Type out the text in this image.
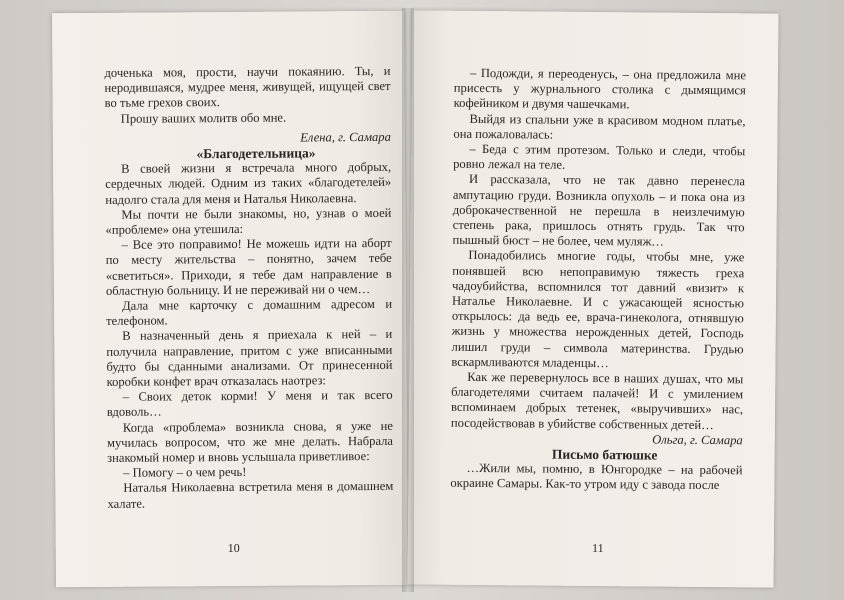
доченька моя, прости, научи покаянию. Ты, и неродившаяся, мудрее меня, живущей, ищущей свет во тьме грехов своих.

Прошу ваших молитв обо мне.

Елена, г. Самара

«Благодетельница»

В своей жизни я встречала много добрых, сердечных людей. Одним из таких «благодетелей» надолго стала для меня и Наталья Николаевна.

Мы почти не были знакомы, но, узнав о моей «проблеме» она утешила:

– Все это поправимо! Не можешь идти на аборт по месту жительства – понятно, зачем тебе «светиться». Приходи, я тебе дам направление в областную больницу. И не переживай ни о чем…

Дала мне карточку с домашним адресом и телефоном.

В назначенный день я приехала к ней – и получила направление, притом с уже вписанными будто бы сданными анализами. От принесенной коробки конфет врач отказалась наотрез:

– Своих деток корми! У меня и так всего вдоволь…

Когда «проблема» возникла снова, я уже не мучилась вопросом, что же мне делать. Набрала знакомый номер и вновь услышала приветливое:

– Помогу – о чем речь!

Наталья Николаевна встретила меня в домашнем халате.

10

– Подожди, я переоденусь, – она предложила мне присесть у журнального столика с дымящимся кофейником и двумя чашечками.

Выйдя из спальни уже в красивом модном платье, она пожаловалась:

– Беда с этим протезом. Только и следи, чтобы ровно лежал на теле.

И рассказала, что не так давно перенесла ампутацию груди. Возникла опухоль – и пока она из доброкачественной не перешла в неизлечимую степень рака, пришлось отнять грудь. Так что пышный бюст – не более, чем муляж…

Понадобились многие годы, чтобы мне, уже понявшей всю непоправимую тяжесть греха чадоубийства, вспомнился тот давний «визит» к Наталье Николаевне. И с ужасающей ясностью открылось: да ведь ее, врача-гинеколога, отнявшую жизнь у множества нерожденных детей, Господь лишил груди – символа материнства. Грудью вскармливаются младенцы…

Как же перевернулось все в наших душах, что мы благодетелями считаем палачей! И с умилением вспоминаем добрых тетенек, «выручивших» нас, посодействовав в убийстве собственных детей…

Ольга, г. Самара

Письмо батюшке

…Жили мы, помню, в Юнгородке – на рабочей окраине Самары. Как-то утром иду с завода после

11
